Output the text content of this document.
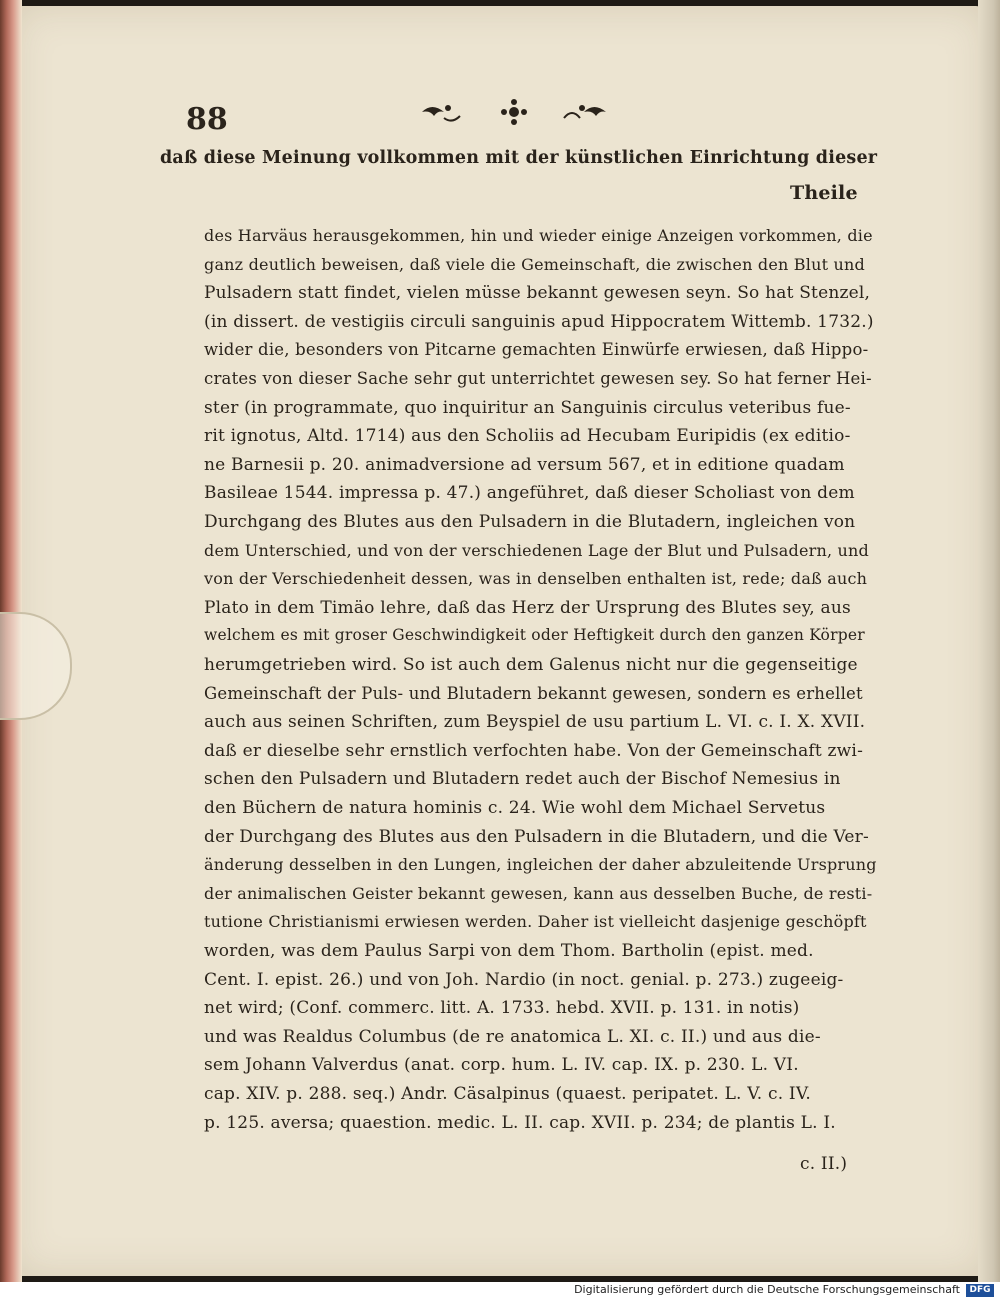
88
daß diese Meinung vollkommen mit der künstlichen Einrichtung dieser
Theile
des Harväus herausgekommen, hin und wieder einige Anzeigen vorkommen, die
ganz deutlich beweisen, daß viele die Gemeinschaft, die zwischen den Blut und
Pulsadern statt findet, vielen müsse bekannt gewesen seyn. So hat Stenzel,
(in dissert. de vestigiis circuli sanguinis apud Hippocratem Wittemb. 1732.)
wider die, besonders von Pitcarne gemachten Einwürfe erwiesen, daß Hippo-
crates von dieser Sache sehr gut unterrichtet gewesen sey. So hat ferner Hei-
ster (in programmate, quo inquiritur an Sanguinis circulus veteribus fue-
rit ignotus, Altd. 1714) aus den Scholiis ad Hecubam Euripidis (ex editio-
ne Barnesii p. 20. animadversione ad versum 567, et in editione quadam
Basileae 1544. impressa p. 47.) angeführet, daß dieser Scholiast von dem
Durchgang des Blutes aus den Pulsadern in die Blutadern, ingleichen von
dem Unterschied, und von der verschiedenen Lage der Blut und Pulsadern, und
von der Verschiedenheit dessen, was in denselben enthalten ist, rede; daß auch
Plato in dem Timäo lehre, daß das Herz der Ursprung des Blutes sey, aus
welchem es mit groser Geschwindigkeit oder Heftigkeit durch den ganzen Körper
herumgetrieben wird. So ist auch dem Galenus nicht nur die gegenseitige
Gemeinschaft der Puls- und Blutadern bekannt gewesen, sondern es erhellet
auch aus seinen Schriften, zum Beyspiel de usu partium L. VI. c. I. X. XVII.
daß er dieselbe sehr ernstlich verfochten habe. Von der Gemeinschaft zwi-
schen den Pulsadern und Blutadern redet auch der Bischof Nemesius in
den Büchern de natura hominis c. 24. Wie wohl dem Michael Servetus
der Durchgang des Blutes aus den Pulsadern in die Blutadern, und die Ver-
änderung desselben in den Lungen, ingleichen der daher abzuleitende Ursprung
der animalischen Geister bekannt gewesen, kann aus desselben Buche, de resti-
tutione Christianismi erwiesen werden. Daher ist vielleicht dasjenige geschöpft
worden, was dem Paulus Sarpi von dem Thom. Bartholin (epist. med.
Cent. I. epist. 26.) und von Joh. Nardio (in noct. genial. p. 273.) zugeeig-
net wird; (Conf. commerc. litt. A. 1733. hebd. XVII. p. 131. in notis)
und was Realdus Columbus (de re anatomica L. XI. c. II.) und aus die-
sem Johann Valverdus (anat. corp. hum. L. IV. cap. IX. p. 230. L. VI.
cap. XIV. p. 288. seq.) Andr. Cäsalpinus (quaest. peripatet. L. V. c. IV.
p. 125. aversa; quaestion. medic. L. II. cap. XVII. p. 234; de plantis L. I.
c. II.)
Digitalisierung gefördert durch die Deutsche Forschungsgemeinschaft	DFG
